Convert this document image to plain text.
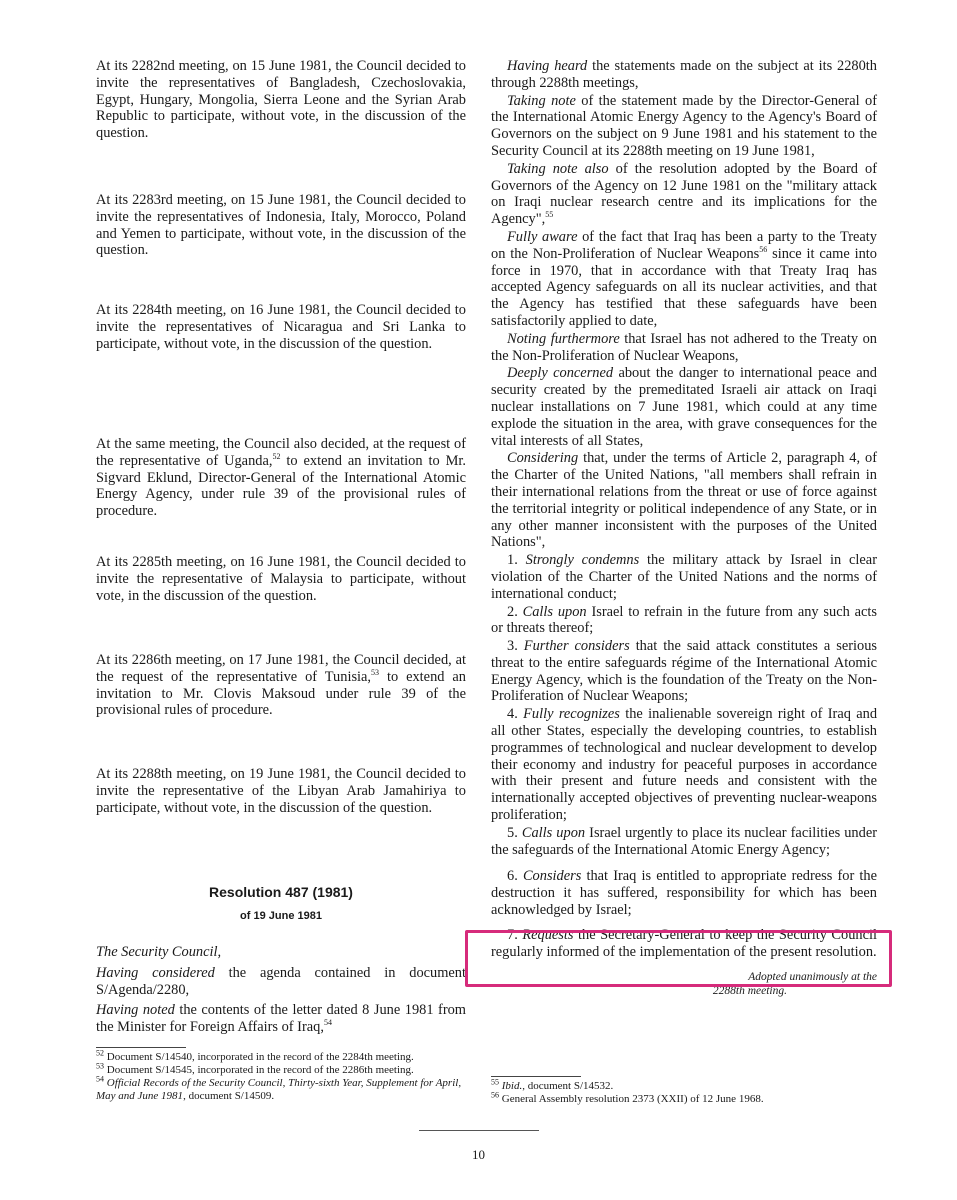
At its 2282nd meeting, on 15 June 1981, the Council decided to invite the representatives of Bangladesh, Czechoslovakia, Egypt, Hungary, Mongolia, Sierra Leone and the Syrian Arab Republic to participate, without vote, in the discussion of the question.

At its 2283rd meeting, on 15 June 1981, the Council decided to invite the representatives of Indonesia, Italy, Morocco, Poland and Yemen to participate, without vote, in the discussion of the question.

At its 2284th meeting, on 16 June 1981, the Council decided to invite the representatives of Nicaragua and Sri Lanka to participate, without vote, in the discussion of the question.

At the same meeting, the Council also decided, at the request of the representative of Uganda,$^{52}$ to extend an invitation to Mr. Sigvard Eklund, Director-General of the International Atomic Energy Agency, under rule 39 of the provisional rules of procedure.

At its 2285th meeting, on 16 June 1981, the Council decided to invite the representative of Malaysia to participate, without vote, in the discussion of the question.

At its 2286th meeting, on 17 June 1981, the Council decided, at the request of the representative of Tunisia,$^{53}$ to extend an invitation to Mr. Clovis Maksoud under rule 39 of the provisional rules of procedure.

At its 2288th meeting, on 19 June 1981, the Council decided to invite the representative of the Libyan Arab Jamahiriya to participate, without vote, in the discussion of the question.

Resolution 487 (1981)
of 19 June 1981

The Security Council,

Having considered the agenda contained in document S/Agenda/2280,

Having noted the contents of the letter dated 8 June 1981 from the Minister for Foreign Affairs of Iraq,$^{54}$

$^{52}$ Document S/14540, incorporated in the record of the 2284th meeting.

$^{53}$ Document S/14545, incorporated in the record of the 2286th meeting.

$^{54}$ Official Records of the Security Council, Thirty-sixth Year, Supplement for April, May and June 1981, document S/14509.

Having heard the statements made on the subject at its 2280th through 2288th meetings,

Taking note of the statement made by the Director-General of the International Atomic Energy Agency to the Agency's Board of Governors on the subject on 9 June 1981 and his statement to the Security Council at its 2288th meeting on 19 June 1981,

Taking note also of the resolution adopted by the Board of Governors of the Agency on 12 June 1981 on the "military attack on Iraqi nuclear research centre and its implications for the Agency",$^{55}$

Fully aware of the fact that Iraq has been a party to the Treaty on the Non-Proliferation of Nuclear Weapons$^{56}$ since it came into force in 1970, that in accordance with that Treaty Iraq has accepted Agency safeguards on all its nuclear activities, and that the Agency has testified that these safeguards have been satisfactorily applied to date,

Noting furthermore that Israel has not adhered to the Treaty on the Non-Proliferation of Nuclear Weapons,

Deeply concerned about the danger to international peace and security created by the premeditated Israeli air attack on Iraqi nuclear installations on 7 June 1981, which could at any time explode the situation in the area, with grave consequences for the vital interests of all States,

Considering that, under the terms of Article 2, paragraph 4, of the Charter of the United Nations, "all members shall refrain in their international relations from the threat or use of force against the territorial integrity or political independence of any State, or in any other manner inconsistent with the purposes of the United Nations",

1. Strongly condemns the military attack by Israel in clear violation of the Charter of the United Nations and the norms of international conduct;

2. Calls upon Israel to refrain in the future from any such acts or threats thereof;

3. Further considers that the said attack constitutes a serious threat to the entire safeguards régime of the International Atomic Energy Agency, which is the foundation of the Treaty on the Non-Proliferation of Nuclear Weapons;

4. Fully recognizes the inalienable sovereign right of Iraq and all other States, especially the developing countries, to establish programmes of technological and nuclear development to develop their economy and industry for peaceful purposes in accordance with their present and future needs and consistent with the internationally accepted objectives of preventing nuclear-weapons proliferation;

5. Calls upon Israel urgently to place its nuclear facilities under the safeguards of the International Atomic Energy Agency;

6. Considers that Iraq is entitled to appropriate redress for the destruction it has suffered, responsibility for which has been acknowledged by Israel;

7. Requests the Secretary-General to keep the Security Council regularly informed of the implementation of the present resolution.

Adopted unanimously at the
2288th meeting.

$^{55}$ Ibid., document S/14532.

$^{56}$ General Assembly resolution 2373 (XXII) of 12 June 1968.

10
